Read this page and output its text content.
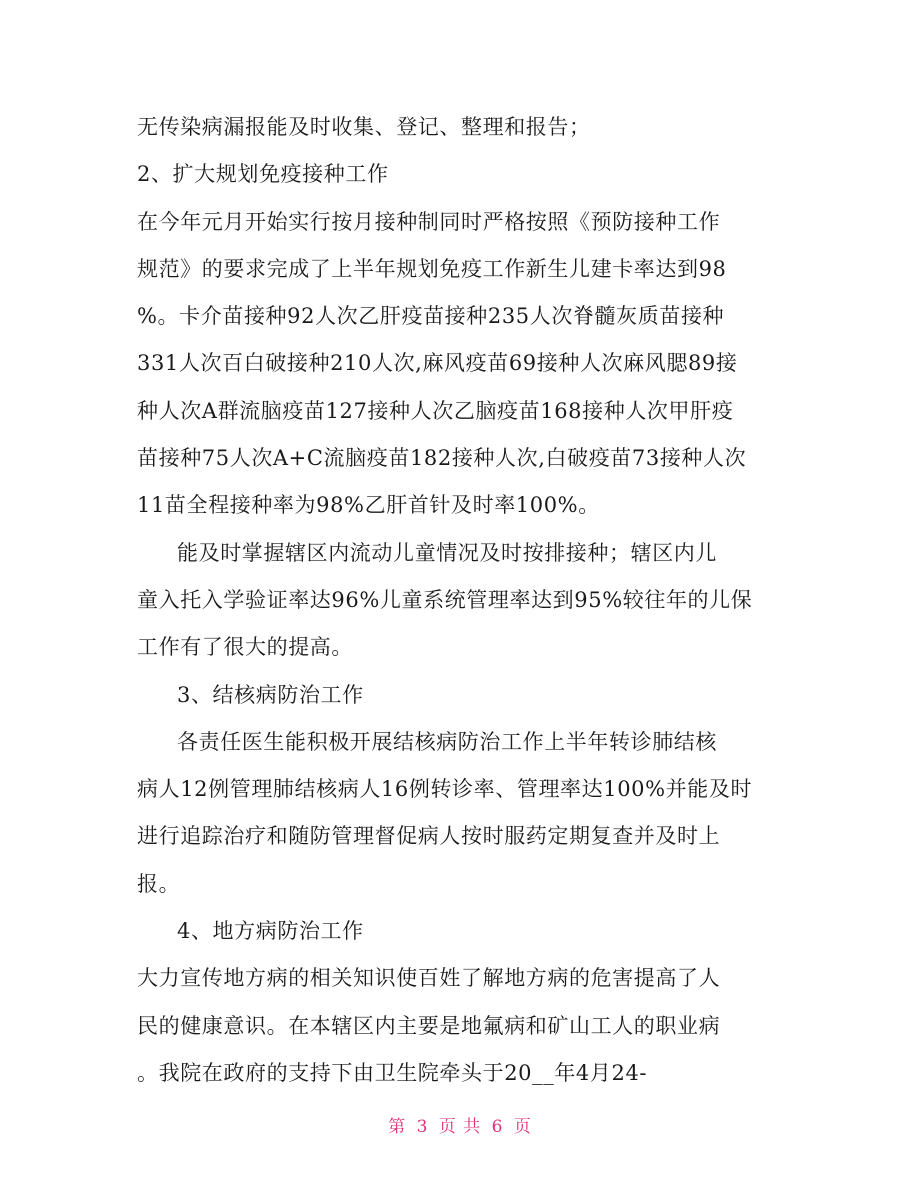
无传染病漏报能及时收集、登记、整理和报告；
2、扩大规划免疫接种工作
在今年元月开始实行按月接种制同时严格按照《预防接种工作
规范》的要求完成了上半年规划免疫工作新生儿建卡率达到98
%。卡介苗接种92人次乙肝疫苗接种235人次脊髓灰质苗接种
331人次百白破接种210人次,麻风疫苗69接种人次麻风腮89接
种人次A群流脑疫苗127接种人次乙脑疫苗168接种人次甲肝疫
苗接种75人次A+C流脑疫苗182接种人次,白破疫苗73接种人次
11苗全程接种率为98%乙肝首针及时率100%。
能及时掌握辖区内流动儿童情况及时按排接种；辖区内儿
童入托入学验证率达96%儿童系统管理率达到95%较往年的儿保
工作有了很大的提高。
3、结核病防治工作
各责任医生能积极开展结核病防治工作上半年转诊肺结核
病人12例管理肺结核病人16例转诊率、管理率达100%并能及时
进行追踪治疗和随防管理督促病人按时服药定期复查并及时上
报。
4、地方病防治工作
大力宣传地方病的相关知识使百姓了解地方病的危害提高了人
民的健康意识。在本辖区内主要是地氟病和矿山工人的职业病
。我院在政府的支持下由卫生院牵头于20__年4月24-
第 3 页 共 6 页
